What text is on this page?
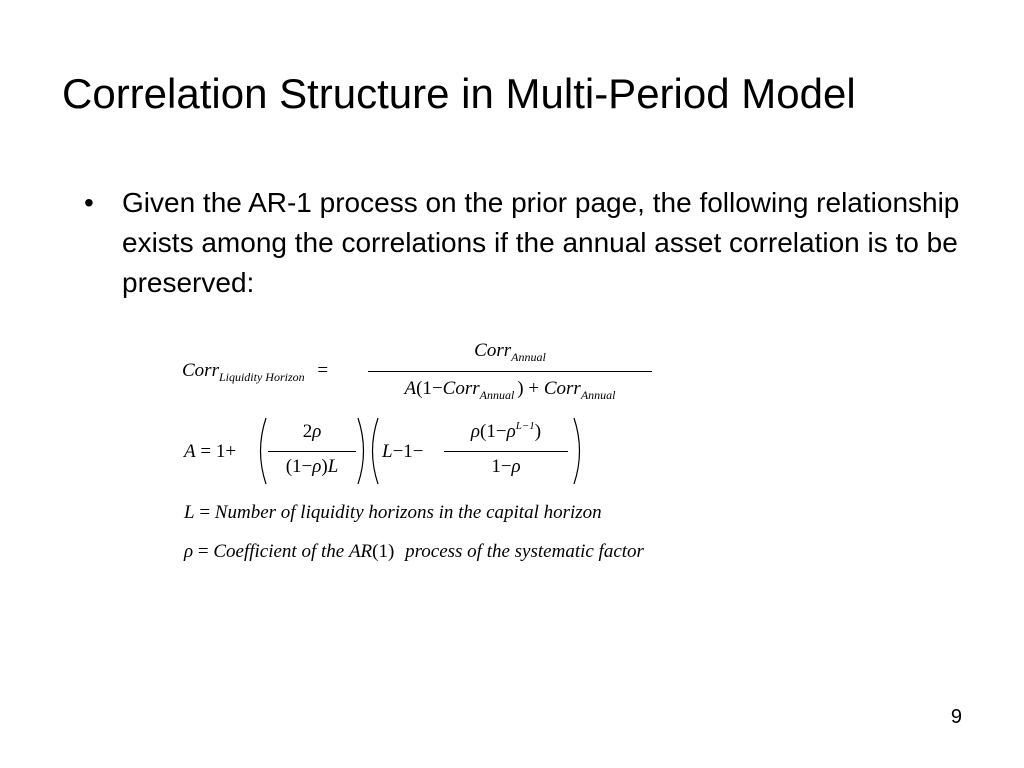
Correlation Structure in Multi-Period Model
• Given the AR-1 process on the prior page, the following relationship exists among the correlations if the annual asset correlation is to be preserved:
Corr$_{Liquidity Horizon}$ =
Corr$_{Annual}$
A(1−Corr$_{Annual}$ ) + Corr$_{Annual}$
A = 1+
2ρ
(1−ρ)L
L−1−
$\rho(1-\rho^{L-1})$
1−ρ
L = Number of liquidity horizons in the capital horizon
ρ = Coefficient of the AR(1) process of the systematic factor
9
